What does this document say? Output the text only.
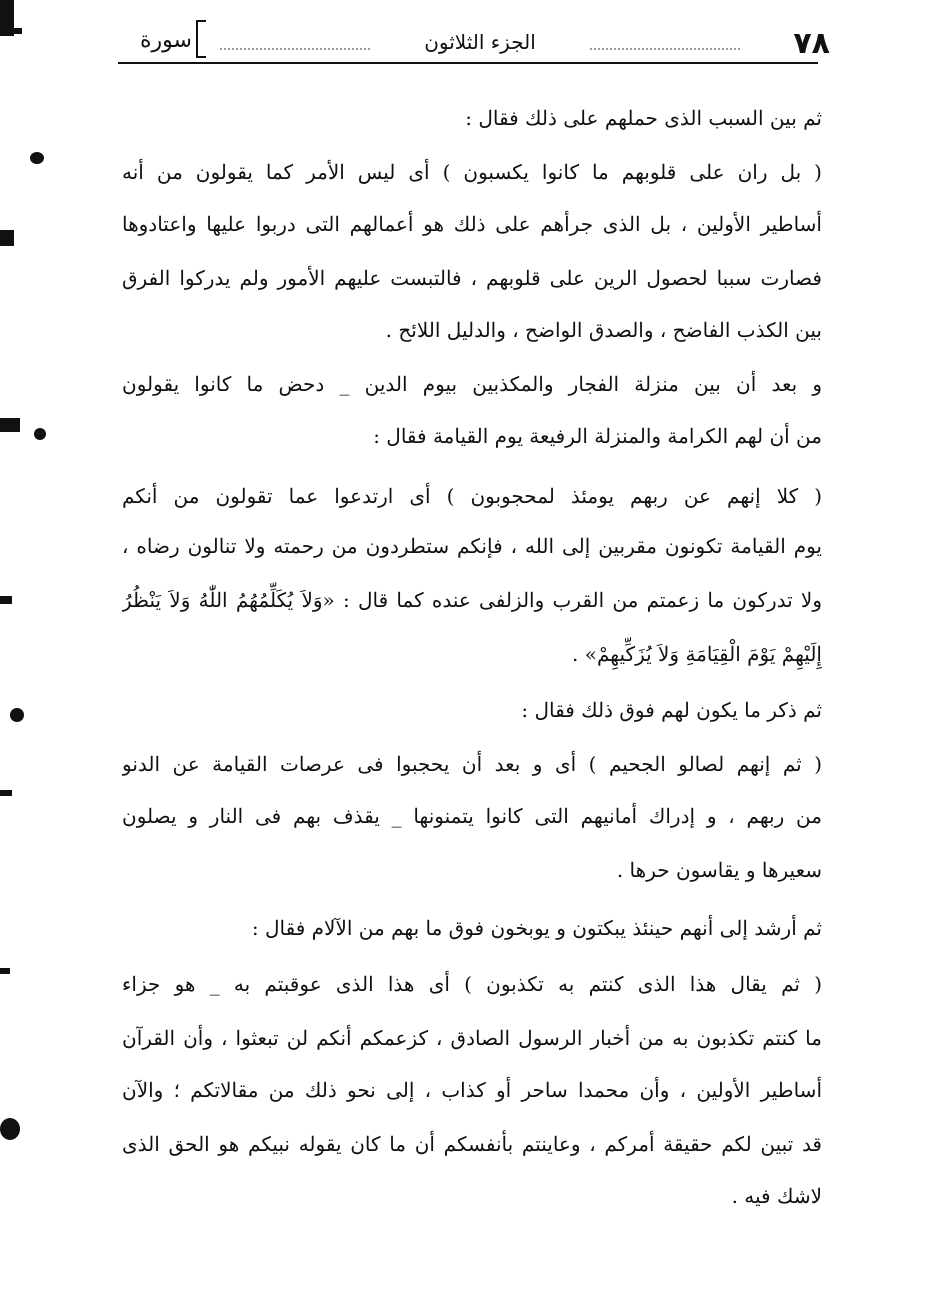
٧٨
الجزء الثلاثون
سورة
ثم بين السبب الذى حملهم على ذلك فقال :
( بل ران على قلوبهم ما كانوا يكسبون ) أى ليس الأمر كما يقولون من أنه
أساطير الأولين ، بل الذى جرأهم على ذلك هو أعمالهم التى دربوا عليها واعتادوها
فصارت سببا لحصول الرين على قلوبهم ، فالتبست عليهم الأمور ولم يدركوا الفرق
بين الكذب الفاضح ، والصدق الواضح ، والدليل اللائح .
و بعد أن بين منزلة الفجار والمكذبين بيوم الدين _ دحض ما كانوا يقولون
من أن لهم الكرامة والمنزلة الرفيعة يوم القيامة فقال :
( كلا إنهم عن ربهم يومئذ لمحجوبون ) أى ارتدعوا عما تقولون من أنكم
يوم القيامة تكونون مقربين إلى الله ، فإنكم ستطردون من رحمته ولا تنالون رضاه ،
ولا تدركون ما زعمتم من القرب والزلفى عنده كما قال : «وَلاَ يُكَلِّمُهُمُ اللّٰهُ وَلاَ يَنْظُرُ
إِلَيْهِمْ يَوْمَ الْقِيَامَةِ وَلاَ يُزَكِّيهِمْ» .
ثم ذكر ما يكون لهم فوق ذلك فقال :
( ثم إنهم لصالو الجحيم ) أى و بعد أن يحجبوا فى عرصات القيامة عن الدنو
من ربهم ، و إدراك أمانيهم التى كانوا يتمنونها _ يقذف بهم فى النار و يصلون
سعيرها و يقاسون حرها .
ثم أرشد إلى أنهم حينئذ يبكتون و يوبخون فوق ما بهم من الآلام فقال :
( ثم يقال هذا الذى كنتم به تكذبون ) أى هذا الذى عوقبتم به _ هو جزاء
ما كنتم تكذبون به من أخبار الرسول الصادق ، كزعمكم أنكم لن تبعثوا ، وأن القرآن
أساطير الأولين ، وأن محمدا ساحر أو كذاب ، إلى نحو ذلك من مقالاتكم ؛ والآن
قد تبين لكم حقيقة أمركم ، وعاينتم بأنفسكم أن ما كان يقوله نبيكم هو الحق الذى
لاشك فيه .
